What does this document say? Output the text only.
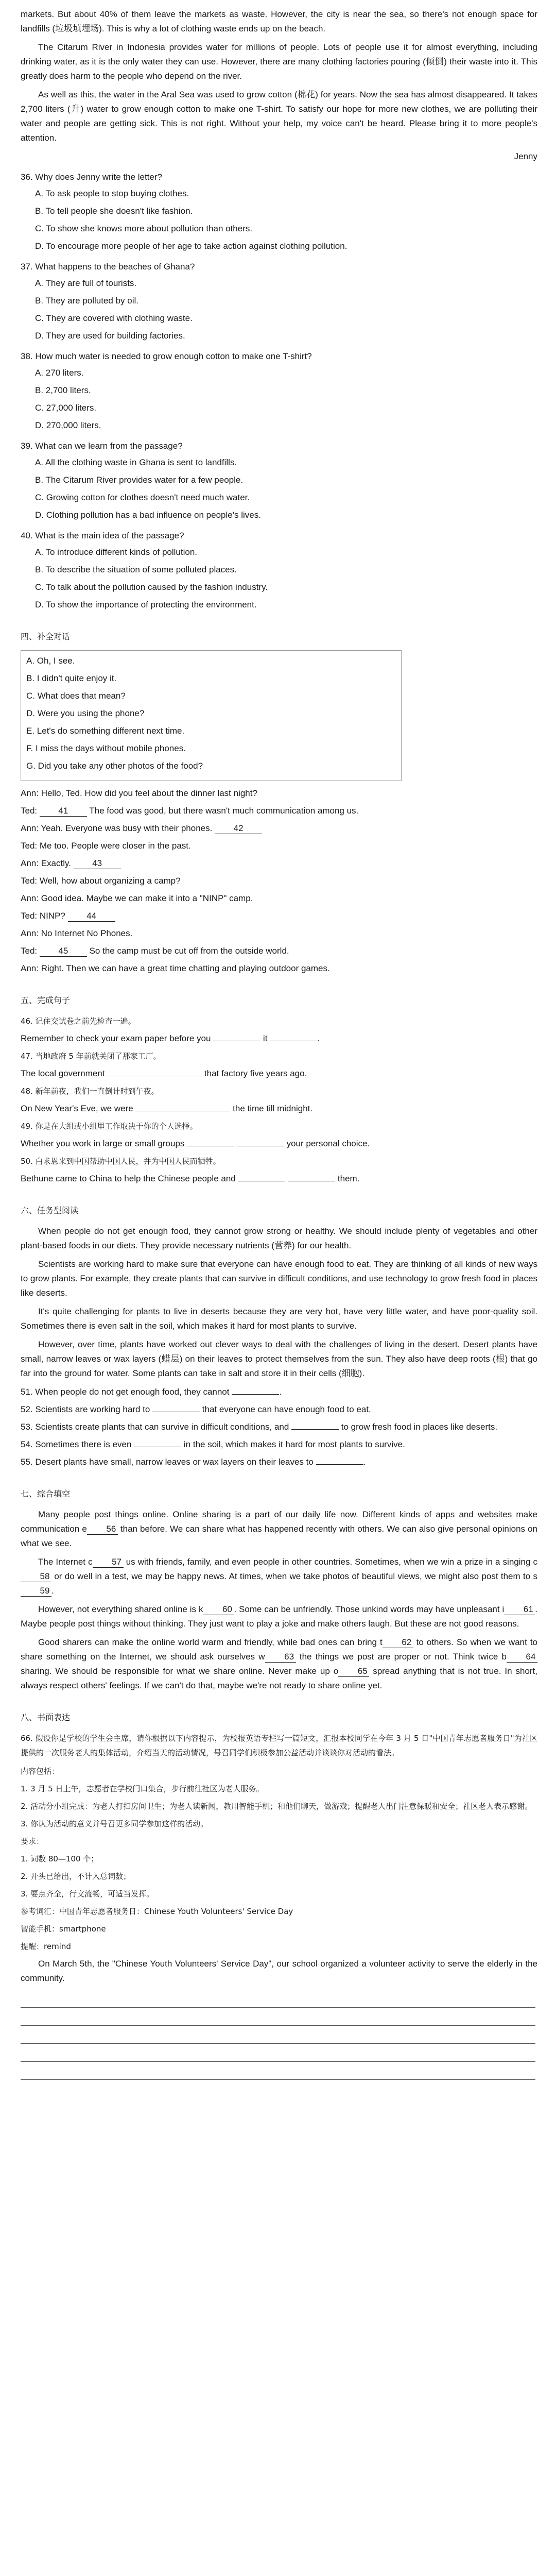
markets. But about 40% of them leave the markets as waste. However, the city is near the sea, so there's not enough space for landfills (垃圾填埋场). This is why a lot of clothing waste ends up on the beach.

The Citarum River in Indonesia provides water for millions of people. Lots of people use it for almost everything, including drinking water, as it is the only water they can use. However, there are many clothing factories pouring (倾倒) their waste into it. This greatly does harm to the people who depend on the river.

As well as this, the water in the Aral Sea was used to grow cotton (棉花) for years. Now the sea has almost disappeared. It takes 2,700 liters (升) water to grow enough cotton to make one T-shirt. To satisfy our hope for more new clothes, we are polluting their water and people are getting sick. This is not right. Without your help, my voice can't be heard. Please bring it to more people's attention.

Jenny
36. Why does Jenny write the letter?
A. To ask people to stop buying clothes.
B. To tell people she doesn't like fashion.
C. To show she knows more about pollution than others.
D. To encourage more people of her age to take action against clothing pollution.
37. What happens to the beaches of Ghana?
A. They are full of tourists.
B. They are polluted by oil.
C. They are covered with clothing waste.
D. They are used for building factories.
38. How much water is needed to grow enough cotton to make one T-shirt?
A. 270 liters.
B. 2,700 liters.
C. 27,000 liters.
D. 270,000 liters.
39. What can we learn from the passage?
A. All the clothing waste in Ghana is sent to landfills.
B. The Citarum River provides water for a few people.
C. Growing cotton for clothes doesn't need much water.
D. Clothing pollution has a bad influence on people's lives.
40. What is the main idea of the passage?
A. To introduce different kinds of pollution.
B. To describe the situation of some polluted places.
C. To talk about the pollution caused by the fashion industry.
D. To show the importance of protecting the environment.
四、补全对话
A. Oh, I see.
B. I didn't quite enjoy it.
C. What does that mean?
D. Were you using the phone?
E. Let's do something different next time.
F. I miss the days without mobile phones.
G. Did you take any other photos of the food?
Ann: Hello, Ted. How did you feel about the dinner last night?
Ted: 41 The food was good, but there wasn't much communication among us.
Ann: Yeah. Everyone was busy with their phones. 42
Ted: Me too. People were closer in the past.
Ann: Exactly. 43
Ted: Well, how about organizing a camp?
Ann: Good idea. Maybe we can make it into a "NINP" camp.
Ted: NINP? 44
Ann: No Internet No Phones.
Ted: 45 So the camp must be cut off from the outside world.
Ann: Right. Then we can have a great time chatting and playing outdoor games.
五、完成句子
46. 记住交试卷之前先检查一遍。
Remember to check your exam paper before you	it	.
47. 当地政府 5 年前就关闭了那家工厂。
The local government	that factory five years ago.
48. 新年前夜，我们一直倒计时到午夜。
On New Year's Eve, we were	the time till midnight.
49. 你是在大组或小组里工作取决于你的个人选择。
Whether you work in large or small groups	your personal choice.
50. 白求恩来到中国帮助中国人民，并为中国人民而牺牲。
Bethune came to China to help the Chinese people and	them.
六、任务型阅读

When people do not get enough food, they cannot grow strong or healthy. We should include plenty of vegetables and other plant-based foods in our diets. They provide necessary nutrients (营养) for our health.

Scientists are working hard to make sure that everyone can have enough food to eat. They are thinking of all kinds of new ways to grow plants. For example, they create plants that can survive in difficult conditions, and use technology to grow fresh food in places like deserts.

It's quite challenging for plants to live in deserts because they are very hot, have very little water, and have poor-quality soil. Sometimes there is even salt in the soil, which makes it hard for most plants to survive.

However, over time, plants have worked out clever ways to deal with the challenges of living in the desert. Desert plants have small, narrow leaves or wax layers (蜡层) on their leaves to protect themselves from the sun. They also have deep roots (根) that go far into the ground for water. Some plants can take in salt and store it in their cells (细胞).

51. When people do not get enough food, they cannot	.
52. Scientists are working hard to	that everyone can have enough food to eat.
53. Scientists create plants that can survive in difficult conditions, and	to grow fresh food in places like deserts.
54. Sometimes there is even	in the soil, which makes it hard for most plants to survive.
55. Desert plants have small, narrow leaves or wax layers on their leaves to	.
七、综合填空

Many people post things online. Online sharing is a part of our daily life now. Different kinds of apps and websites make communication e 56 than before. We can share what has happened recently with others. We can also give personal opinions on what we see.

The Internet c 57 us with friends, family, and even people in other countries. Sometimes, when we win a prize in a singing c58 or do well in a test, we may be happy news. At times, when we take photos of beautiful views, we might also post them to s59 .

However, not everything shared online is k 60 . Some can be unfriendly. Those unkind words may have unpleasant i 61 . Maybe people post things without thinking. They just want to play a joke and make others laugh. But these are not good reasons.

Good sharers can make the online world warm and friendly, while bad ones can bring t 62 to others. So when we want to share something on the Internet, we should ask ourselves w 63 the things we post are proper or not. Think twice b 64 sharing. We should be responsible for what we share online. Never make up o 65 spread anything that is not true. In short, always respect others' feelings. If we can't do that, maybe we're not ready to share online yet.

八、书面表达

66. 假设你是学校的学生会主席，请你根据以下内容提示，为校报英语专栏写一篇短文，汇报本校同学在今年 3 月 5 日"中国青年志愿者服务日"为社区提供的一次服务老人的集体活动，介绍当天的活动情况，号召同学们积极参加公益活动并谈谈你对活动的看法。

内容包括：
1. 3 月 5 日上午，志愿者在学校门口集合，步行前往社区为老人服务。
2. 活动分小组完成：为老人打扫房间卫生；为老人读新闻，教用智能手机；和他们聊天，做游戏；提醒老人出门注意保暖和安全；社区老人表示感谢。
3. 你认为活动的意义并号召更多同学参加这样的活动。
要求：
1. 词数 80—100 个；
2. 开头已给出，不计入总词数；
3. 要点齐全，行文流畅，可适当发挥。
参考词汇：中国青年志愿者服务日：Chinese Youth Volunteers' Service Day
智能手机：smartphone
提醒：remind

On March 5th, the "Chinese Youth Volunteers' Service Day", our school organized a volunteer activity to serve the elderly in the community.
